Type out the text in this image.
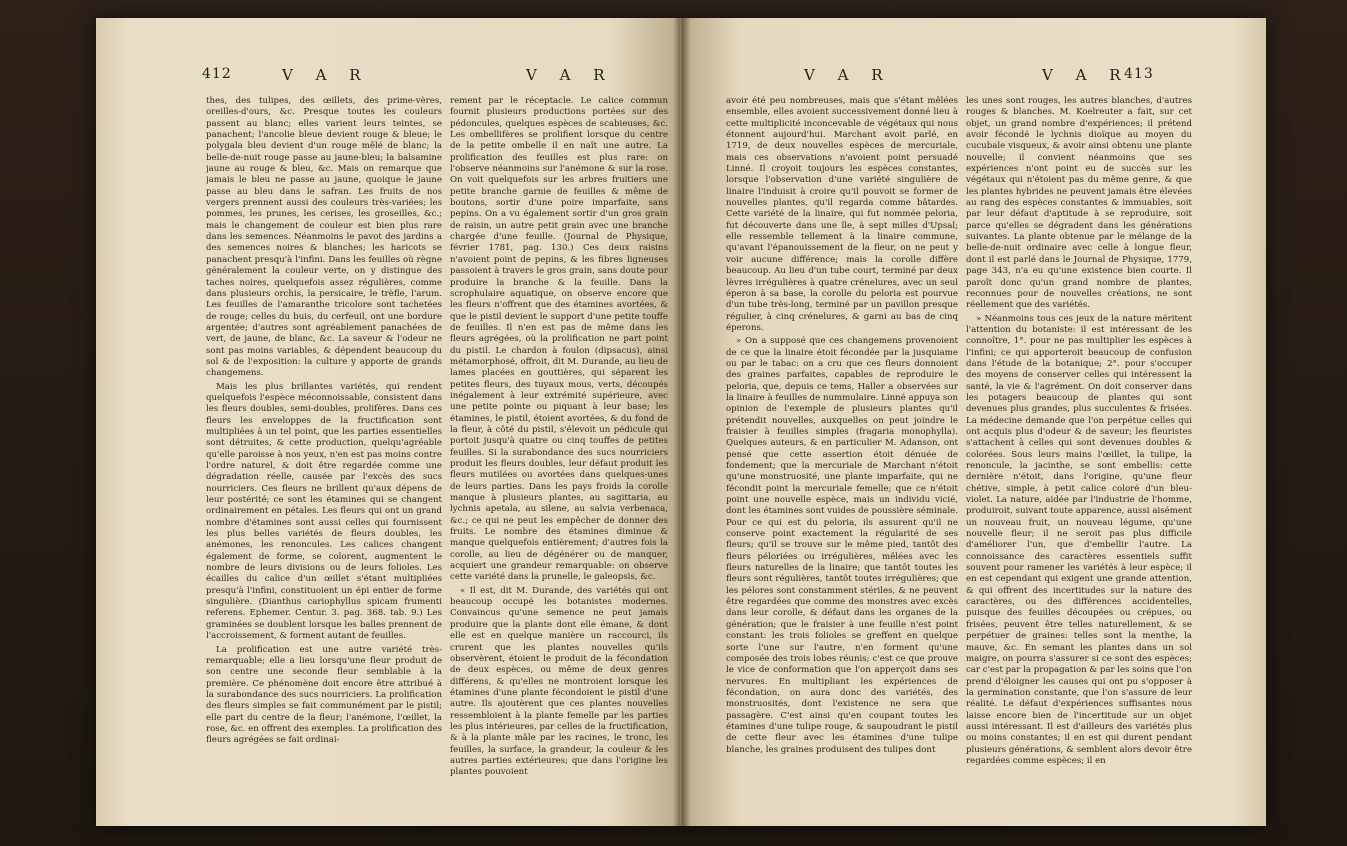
412	V A R	V A R

thes, des tulipes, des œillets, des prime-vères, oreilles-d'ours, &c. Presque toutes les couleurs passent au blanc; elles varient leurs teintes, se panachent; l'ancolie bleue devient rouge & bleue; le polygala bleu devient d'un rouge mêlé de blanc; la belle-de-nuit rouge passe au jaune-bleu; la balsamine jaune au rouge & bleu, &c. Mais on remarque que jamais le bleu ne passe au jaune, quoique le jaune passe au bleu dans le safran. Les fruits de nos vergers prennent aussi des couleurs très-variées; les pommes, les prunes, les cerises, les groseilles, &c.; mais le changement de couleur est bien plus rare dans les semences. Néanmoins le pavot des jardins a des semences noires & blanches; les haricots se panachent presqu'à l'infini. Dans les feuilles où règne généralement la couleur verte, on y distingue des taches noires, quelquefois assez régulières, comme dans plusieurs orchis, la persicaire, le trèfle, l'arum. Les feuilles de l'amaranthe tricolore sont tachetées de rouge; celles du buis, du cerfeuil, ont une bordure argentée; d'autres sont agréablement panachées de vert, de jaune, de blanc, &c. La saveur & l'odeur ne sont pas moins variables, & dépendent beaucoup du sol & de l'exposition: la culture y apporte de grands changemens.

Mais les plus brillantes variétés, qui rendent quelquefois l'espèce méconnoissable, consistent dans les fleurs doubles, semi-doubles, prolifères. Dans ces fleurs les enveloppes de la fructification sont multipliées à un tel point, que les parties essentielles sont détruites, & cette production, quelqu'agréable qu'elle paroisse à nos yeux, n'en est pas moins contre l'ordre naturel, & doit être regardée comme une dégradation réelle, causée par l'excès des sucs nourriciers. Ces fleurs ne brillent qu'aux dépens de leur postérité; ce sont les étamines qui se changent ordinairement en pétales. Les fleurs qui ont un grand nombre d'étamines sont aussi celles qui fournissent les plus belles variétés de fleurs doubles, les anémones, les renoncules. Les calices changent également de forme, se colorent, augmentent le nombre de leurs divisions ou de leurs folioles. Les écailles du calice d'un œillet s'étant multipliées presqu'à l'infini, constituoient un épi entier de forme singulière. (Dianthus cariophyllus spicam frumenti referens. Ephemer. Centur. 3. pag. 368. tab. 9.) Les graminées se doublent lorsque les balles prennent de l'accroissement, & forment autant de feuilles.

La prolification est une autre variété très-remarquable; elle a lieu lorsqu'une fleur produit de son centre une seconde fleur semblable à la première. Ce phénomène doit encore être attribué à la surabondance des sucs nourriciers. La prolification des fleurs simples se fait communément par le pistil; elle part du centre de la fleur; l'anémone, l'œillet, la rose, &c. en offrent des exemples. La prolification des fleurs agrégées se fait ordinai-

rement par le réceptacle. Le calice commun fournit plusieurs productions portées sur des pédoncules, quelques espèces de scabieuses, &c. Les ombellifères se prolifient lorsque du centre de la petite ombelle il en naît une autre. La prolification des feuilles est plus rare: on l'observe néanmoins sur l'anémone & sur la rose. On voit quelquefois sur les arbres fruitiers une petite branche garnie de feuilles & même de boutons, sortir d'une poire imparfaite, sans pepins. On a vu également sortir d'un gros grain de raisin, un autre petit grain avec une branche chargée d'une feuille. (Journal de Physique, février 1781, pag. 130.) Ces deux raisins n'avoient point de pepins, & les fibres ligneuses passoient à travers le gros grain, sans doute pour produire la branche & la feuille. Dans la scrophulaire aquatique, on observe encore que les fleurs n'offrent que des étamines avortées, & que le pistil devient le support d'une petite touffe de feuilles. Il n'en est pas de même dans les fleurs agrégées, où la prolification ne part point du pistil. Le chardon à foulon (dipsacus), ainsi métamorphosé, offroit, dit M. Durande, au lieu de lames placées en gouttières, qui séparent les petites fleurs, des tuyaux mous, verts, découpés inégalement à leur extrémité supérieure, avec une petite pointe ou piquant à leur base; les étamines, le pistil, étoient avortées, & du fond de la fleur, à côté du pistil, s'élevoit un pédicule qui portoit jusqu'à quatre ou cinq touffes de petites feuilles. Si la surabondance des sucs nourriciers produit les fleurs doubles, leur défaut produit les fleurs mutilées ou avortées dans quelques-unes de leurs parties. Dans les pays froids la corolle manque à plusieurs plantes, au sagittaria, au lychnis apetala, au silene, au salvia verbenaca, &c.; ce qui ne peut les empêcher de donner des fruits. Le nombre des étamines diminue & manque quelquefois entièrement; d'autres fois la corolle, au lieu de dégénérer ou de manquer, acquiert une grandeur remarquable: on observe cette variété dans la prunelle, le galeopsis, &c.

« Il est, dit M. Durande, des variétés qui ont beaucoup occupé les botanistes modernes. Convaincus qu'une semence ne peut jamais produire que la plante dont elle émane, & dont elle est en quelque manière un raccourci, ils crurent que les plantes nouvelles qu'ils observèrent, étoient le produit de la fécondation de deux espèces, ou même de deux genres différens, & qu'elles ne montroient lorsque les étamines d'une plante fécondoient le pistil d'une autre. Ils ajoutèrent que ces plantes nouvelles ressembloient à la plante femelle par les parties les plus intérieures, par celles de la fructification, & à la plante mâle par les racines, le tronc, les feuilles, la surface, la grandeur, la couleur & les autres parties extérieures; que dans l'origine les plantes pouvoient

V A R	V A R
413

avoir été peu nombreuses, mais que s'étant mêlées ensemble, elles avoient successivement donné lieu à cette multiplicité inconcevable de végétaux qui nous étonnent aujourd'hui. Marchant avoit parlé, en 1719, de deux nouvelles espèces de mercuriale, mais ces observations n'avoient point persuadé Linné. Il croyoit toujours les espèces constantes, lorsque l'observation d'une variété singulière de linaire l'induisit à croire qu'il pouvoit se former de nouvelles plantes, qu'il regarda comme bâtardes. Cette variété de la linaire, qui fut nommée peloria, fut découverte dans une île, à sept milles d'Upsal; elle ressemble tellement à la linaire commune, qu'avant l'épanouissement de la fleur, on ne peut y voir aucune différence; mais la corolle diffère beaucoup. Au lieu d'un tube court, terminé par deux lèvres irrégulières à quatre crénelures, avec un seul éperon à sa base, la corolle du peloria est pourvue d'un tube très-long, terminé par un pavillon presque régulier, à cinq crénelures, & garni au bas de cinq éperons.

» On a supposé que ces changemens provenoient de ce que la linaire étoit fécondée par la jusquiame ou par le tabac: on a cru que ces fleurs donnoient des graines parfaites, capables de reproduire le peloria, que, depuis ce tems, Haller a observées sur la linaire à feuilles de nummulaire. Linné appuya son opinion de l'exemple de plusieurs plantes qu'il prétendit nouvelles, auxquelles on peut joindre le fraisier à feuilles simples (fragaria monophylla). Quelques auteurs, & en particulier M. Adanson, ont pensé que cette assertion étoit dénuée de fondement; que la mercuriale de Marchant n'étoit qu'une monstruosité, une plante imparfaite, qui ne fécondit point la mercuriale femelle; que ce n'étoit point une nouvelle espèce, mais un individu vicié, dont les étamines sont vuides de poussière séminale. Pour ce qui est du peloria, ils assurent qu'il ne conserve point exactement la régularité de ses fleurs; qu'il se trouve sur le même pied, tantôt des fleurs péloriées ou irrégulières, mêlées avec les fleurs naturelles de la linaire; que tantôt toutes les fleurs sont régulières, tantôt toutes irrégulières; que les pélores sont constamment stériles, & ne peuvent être regardées que comme des monstres avec excès dans leur corolle, & défaut dans les organes de la génération; que le fraisier à une feuille n'est point constant: les trois folioles se greffent en quelque sorte l'une sur l'autre, n'en forment qu'une composée des trois lobes réunis; c'est ce que prouve le vice de conformation que l'on apperçoit dans ses nervures. En multipliant les expériences de fécondation, on aura donc des variétés, des monstruosités, dont l'existence ne sera que passagère. C'est ainsi qu'en coupant toutes les étamines d'une tulipe rouge, & saupoudrant le pistil de cette fleur avec les étamines d'une tulipe blanche, les graines produisent des tulipes dont

les unes sont rouges, les autres blanches, d'autres rouges & blanches. M. Koelreuter a fait, sur cet objet, un grand nombre d'expériences; il prétend avoir fécondé le lychnis dioïque au moyen du cucubale visqueux, & avoir ainsi obtenu une plante nouvelle; il convient néanmoins que ses expériences n'ont point eu de succès sur les végétaux qui n'étoient pas du même genre, & que les plantes hybrides ne peuvent jamais être élevées au rang des espèces constantes & immuables, soit par leur défaut d'aptitude à se reproduire, soit parce qu'elles se dégradent dans les générations suivantes. La plante obtenue par le mélange de la belle-de-nuit ordinaire avec celle à longue fleur, dont il est parlé dans le Journal de Physique, 1779, page 343, n'a eu qu'une existence bien courte. Il paroît donc qu'un grand nombre de plantes, reconnues pour de nouvelles créations, ne sont réellement que des variétés.

» Néanmoins tous ces jeux de la nature méritent l'attention du botaniste: il est intéressant de les connoître, 1°. pour ne pas multiplier les espèces à l'infini; ce qui apporteroit beaucoup de confusion dans l'étude de la botanique; 2°. pour s'occuper des moyens de conserver celles qui intéressent la santé, la vie & l'agrément. On doit conserver dans les potagers beaucoup de plantes qui sont devenues plus grandes, plus succulentes & frisées. La médecine demande que l'on perpétue celles qui ont acquis plus d'odeur & de saveur; les fleuristes s'attachent à celles qui sont devenues doubles & colorées. Sous leurs mains l'œillet, la tulipe, la renoncule, la jacinthe, se sont embellis: cette dernière n'étoit, dans l'origine, qu'une fleur chétive, simple, à petit calice coloré d'un bleu-violet. La nature, aidée par l'industrie de l'homme, produiroit, suivant toute apparence, aussi aisément un nouveau fruit, un nouveau légume, qu'une nouvelle fleur; il ne seroit pas plus difficile d'améliorer l'un, que d'embellir l'autre. La connoissance des caractères essentiels suffit souvent pour ramener les variétés à leur espèce; il en est cependant qui exigent une grande attention, & qui offrent des incertitudes sur la nature des caractères, ou des différences accidentelles, puisque des feuilles découpées ou crépues, ou frisées, peuvent être telles naturellement, & se perpétuer de graines: telles sont la menthe, la mauve, &c. En semant les plantes dans un sol maigre, on pourra s'assurer si ce sont des espèces; car c'est par la propagation & par les soins que l'on prend d'éloigner les causes qui ont pu s'opposer à la germination constante, que l'on s'assure de leur réalité. Le défaut d'expériences suffisantes nous laisse encore bien de l'incertitude sur un objet aussi intéressant. Il est d'ailleurs des variétés plus ou moins constantes; il en est qui durent pendant plusieurs générations, & semblent alors devoir être regardées comme espèces; il en
